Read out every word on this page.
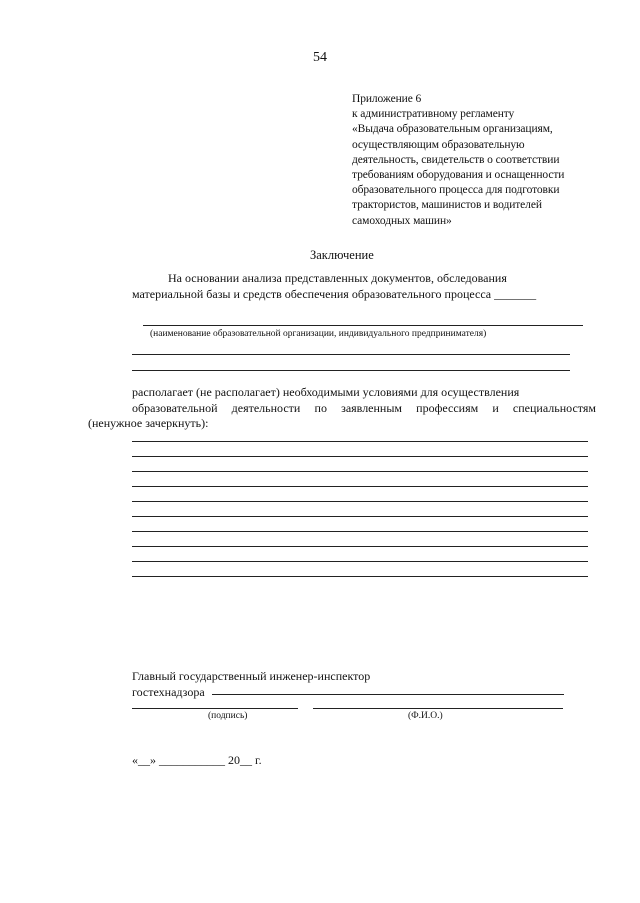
54
Приложение 6
к административному регламенту
«Выдача образовательным организациям,
осуществляющим образовательную
деятельность, свидетельств о соответствии
требованиям оборудования и оснащенности
образовательного процесса для подготовки
трактористов, машинистов и водителей
самоходных машин»
Заключение
На основании анализа представленных документов, обследования
материальной базы и средств обеспечения образовательного процесса _______
(наименование образовательной организации, индивидуального предпринимателя)
располагает (не располагает) необходимыми условиями для осуществления
образовательной деятельности по заявленным профессиям и специальностям
(ненужное зачеркнуть):
Главный государственный инженер-инспектор
гостехнадзора
(подпись)	(Ф.И.О.)
«__» ___________ 20__ г.
